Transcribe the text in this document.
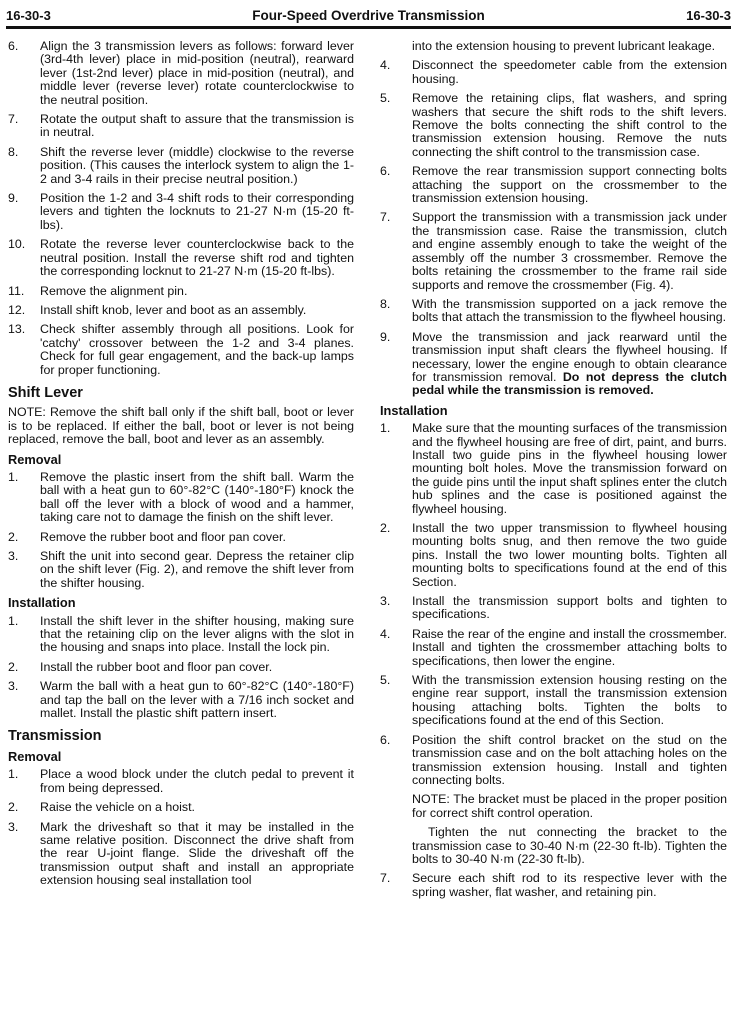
16-30-3	Four-Speed Overdrive Transmission	16-30-3
6.	Align the 3 transmission levers as follows: forward lever (3rd-4th lever) place in mid-position (neutral), rearward lever (1st-2nd lever) place in mid-position (neutral), and middle lever (reverse lever) rotate counterclockwise to the neutral position.
7.	Rotate the output shaft to assure that the transmission is in neutral.
8.	Shift the reverse lever (middle) clockwise to the reverse position. (This causes the interlock system to align the 1-2 and 3-4 rails in their precise neutral position.)
9.	Position the 1-2 and 3-4 shift rods to their corresponding levers and tighten the locknuts to 21-27 N·m (15-20 ft-lbs).
10.	Rotate the reverse lever counterclockwise back to the neutral position. Install the reverse shift rod and tighten the corresponding locknut to 21-27 N·m (15-20 ft-lbs).
11.	Remove the alignment pin.
12.	Install shift knob, lever and boot as an assembly.
13.	Check shifter assembly through all positions. Look for 'catchy' crossover between the 1-2 and 3-4 planes. Check for full gear engagement, and the back-up lamps for proper functioning.
Shift Lever
NOTE: Remove the shift ball only if the shift ball, boot or lever is to be replaced. If either the ball, boot or lever is not being replaced, remove the ball, boot and lever as an assembly.
Removal
1.	Remove the plastic insert from the shift ball. Warm the ball with a heat gun to 60°-82°C (140°-180°F) knock the ball off the lever with a block of wood and a hammer, taking care not to damage the finish on the shift lever.
2.	Remove the rubber boot and floor pan cover.
3.	Shift the unit into second gear. Depress the retainer clip on the shift lever (Fig. 2), and remove the shift lever from the shifter housing.
Installation
1.	Install the shift lever in the shifter housing, making sure that the retaining clip on the lever aligns with the slot in the housing and snaps into place. Install the lock pin.
2.	Install the rubber boot and floor pan cover.
3.	Warm the ball with a heat gun to 60°-82°C (140°-180°F) and tap the ball on the lever with a 7/16 inch socket and mallet. Install the plastic shift pattern insert.
Transmission
Removal
1.	Place a wood block under the clutch pedal to prevent it from being depressed.
2.	Raise the vehicle on a hoist.
3.	Mark the driveshaft so that it may be installed in the same relative position. Disconnect the drive shaft from the rear U-joint flange. Slide the driveshaft off the transmission output shaft and install an appropriate extension housing seal installation tool
into the extension housing to prevent lubricant leakage.
4.	Disconnect the speedometer cable from the extension housing.
5.	Remove the retaining clips, flat washers, and spring washers that secure the shift rods to the shift levers. Remove the bolts connecting the shift control to the transmission extension housing. Remove the nuts connecting the shift control to the transmission case.
6.	Remove the rear transmission support connecting bolts attaching the support on the crossmember to the transmission extension housing.
7.	Support the transmission with a transmission jack under the transmission case. Raise the transmission, clutch and engine assembly enough to take the weight of the assembly off the number 3 crossmember. Remove the bolts retaining the crossmember to the frame rail side supports and remove the crossmember (Fig. 4).
8.	With the transmission supported on a jack remove the bolts that attach the transmission to the flywheel housing.
9.	Move the transmission and jack rearward until the transmission input shaft clears the flywheel housing. If necessary, lower the engine enough to obtain clearance for transmission removal. Do not depress the clutch pedal while the transmission is removed.
Installation
1.	Make sure that the mounting surfaces of the transmission and the flywheel housing are free of dirt, paint, and burrs. Install two guide pins in the flywheel housing lower mounting bolt holes. Move the transmission forward on the guide pins until the input shaft splines enter the clutch hub splines and the case is positioned against the flywheel housing.
2.	Install the two upper transmission to flywheel housing mounting bolts snug, and then remove the two guide pins. Install the two lower mounting bolts. Tighten all mounting bolts to specifications found at the end of this Section.
3.	Install the transmission support bolts and tighten to specifications.
4.	Raise the rear of the engine and install the crossmember. Install and tighten the crossmember attaching bolts to specifications, then lower the engine.
5.	With the transmission extension housing resting on the engine rear support, install the transmission extension housing attaching bolts. Tighten the bolts to specifications found at the end of this Section.
6.	Position the shift control bracket on the stud on the transmission case and on the bolt attaching holes on the transmission extension housing. Install and tighten connecting bolts.
NOTE: The bracket must be placed in the proper position for correct shift control operation.
Tighten the nut connecting the bracket to the transmission case to 30-40 N·m (22-30 ft-lb). Tighten the bolts to 30-40 N·m (22-30 ft-lb).
7.	Secure each shift rod to its respective lever with the spring washer, flat washer, and retaining pin.
